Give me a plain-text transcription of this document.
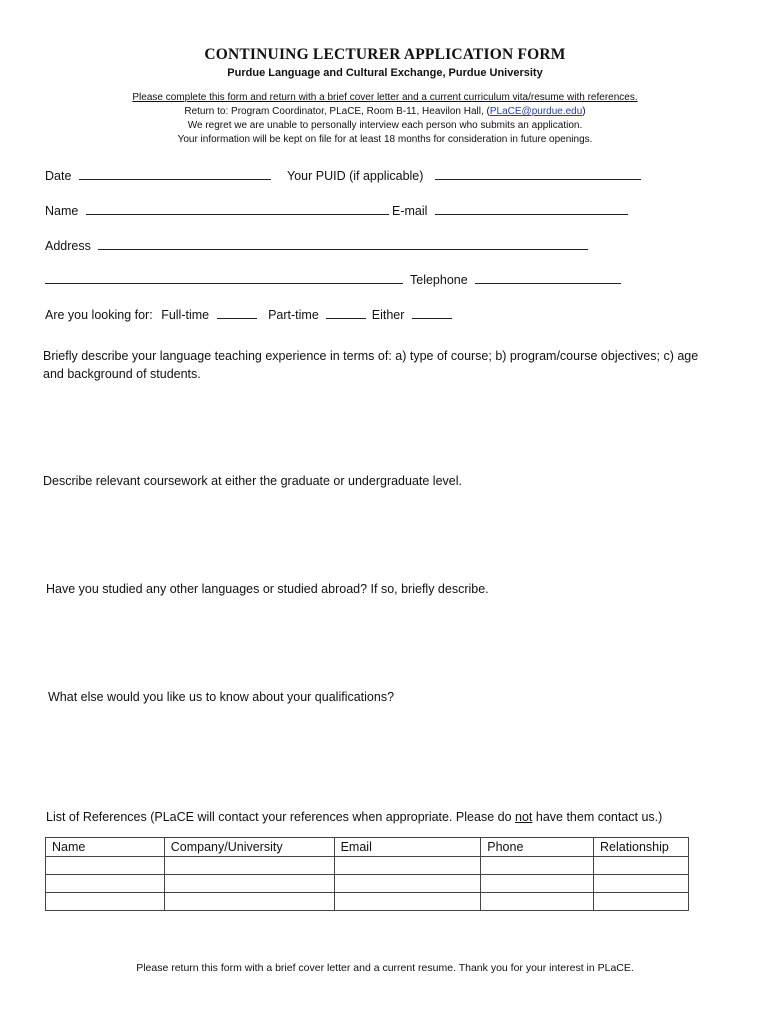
CONTINUING LECTURER APPLICATION FORM
Purdue Language and Cultural Exchange, Purdue University
Please complete this form and return with a brief cover letter and a current curriculum vita/resume with references.
Return to: Program Coordinator, PLaCE, Room B-11, Heavilon Hall, (PLaCE@purdue.edu)
We regret we are unable to personally interview each person who submits an application.
Your information will be kept on file for at least 18 months for consideration in future openings.
Date	Your PUID (if applicable)
Name	E-mail
Address
Telephone
Are you looking for: Full-time	Part-time	Either
Briefly describe your language teaching experience in terms of: a) type of course; b) program/course objectives; c) age
and background of students.
Describe relevant coursework at either the graduate or undergraduate level.
Have you studied any other languages or studied abroad? If so, briefly describe.
What else would you like us to know about your qualifications?
List of References (PLaCE will contact your references when appropriate. Please do not have them contact us.)
Name	Company/University	Email	Phone	Relationship

Please return this form with a brief cover letter and a current resume. Thank you for your interest in PLaCE.
